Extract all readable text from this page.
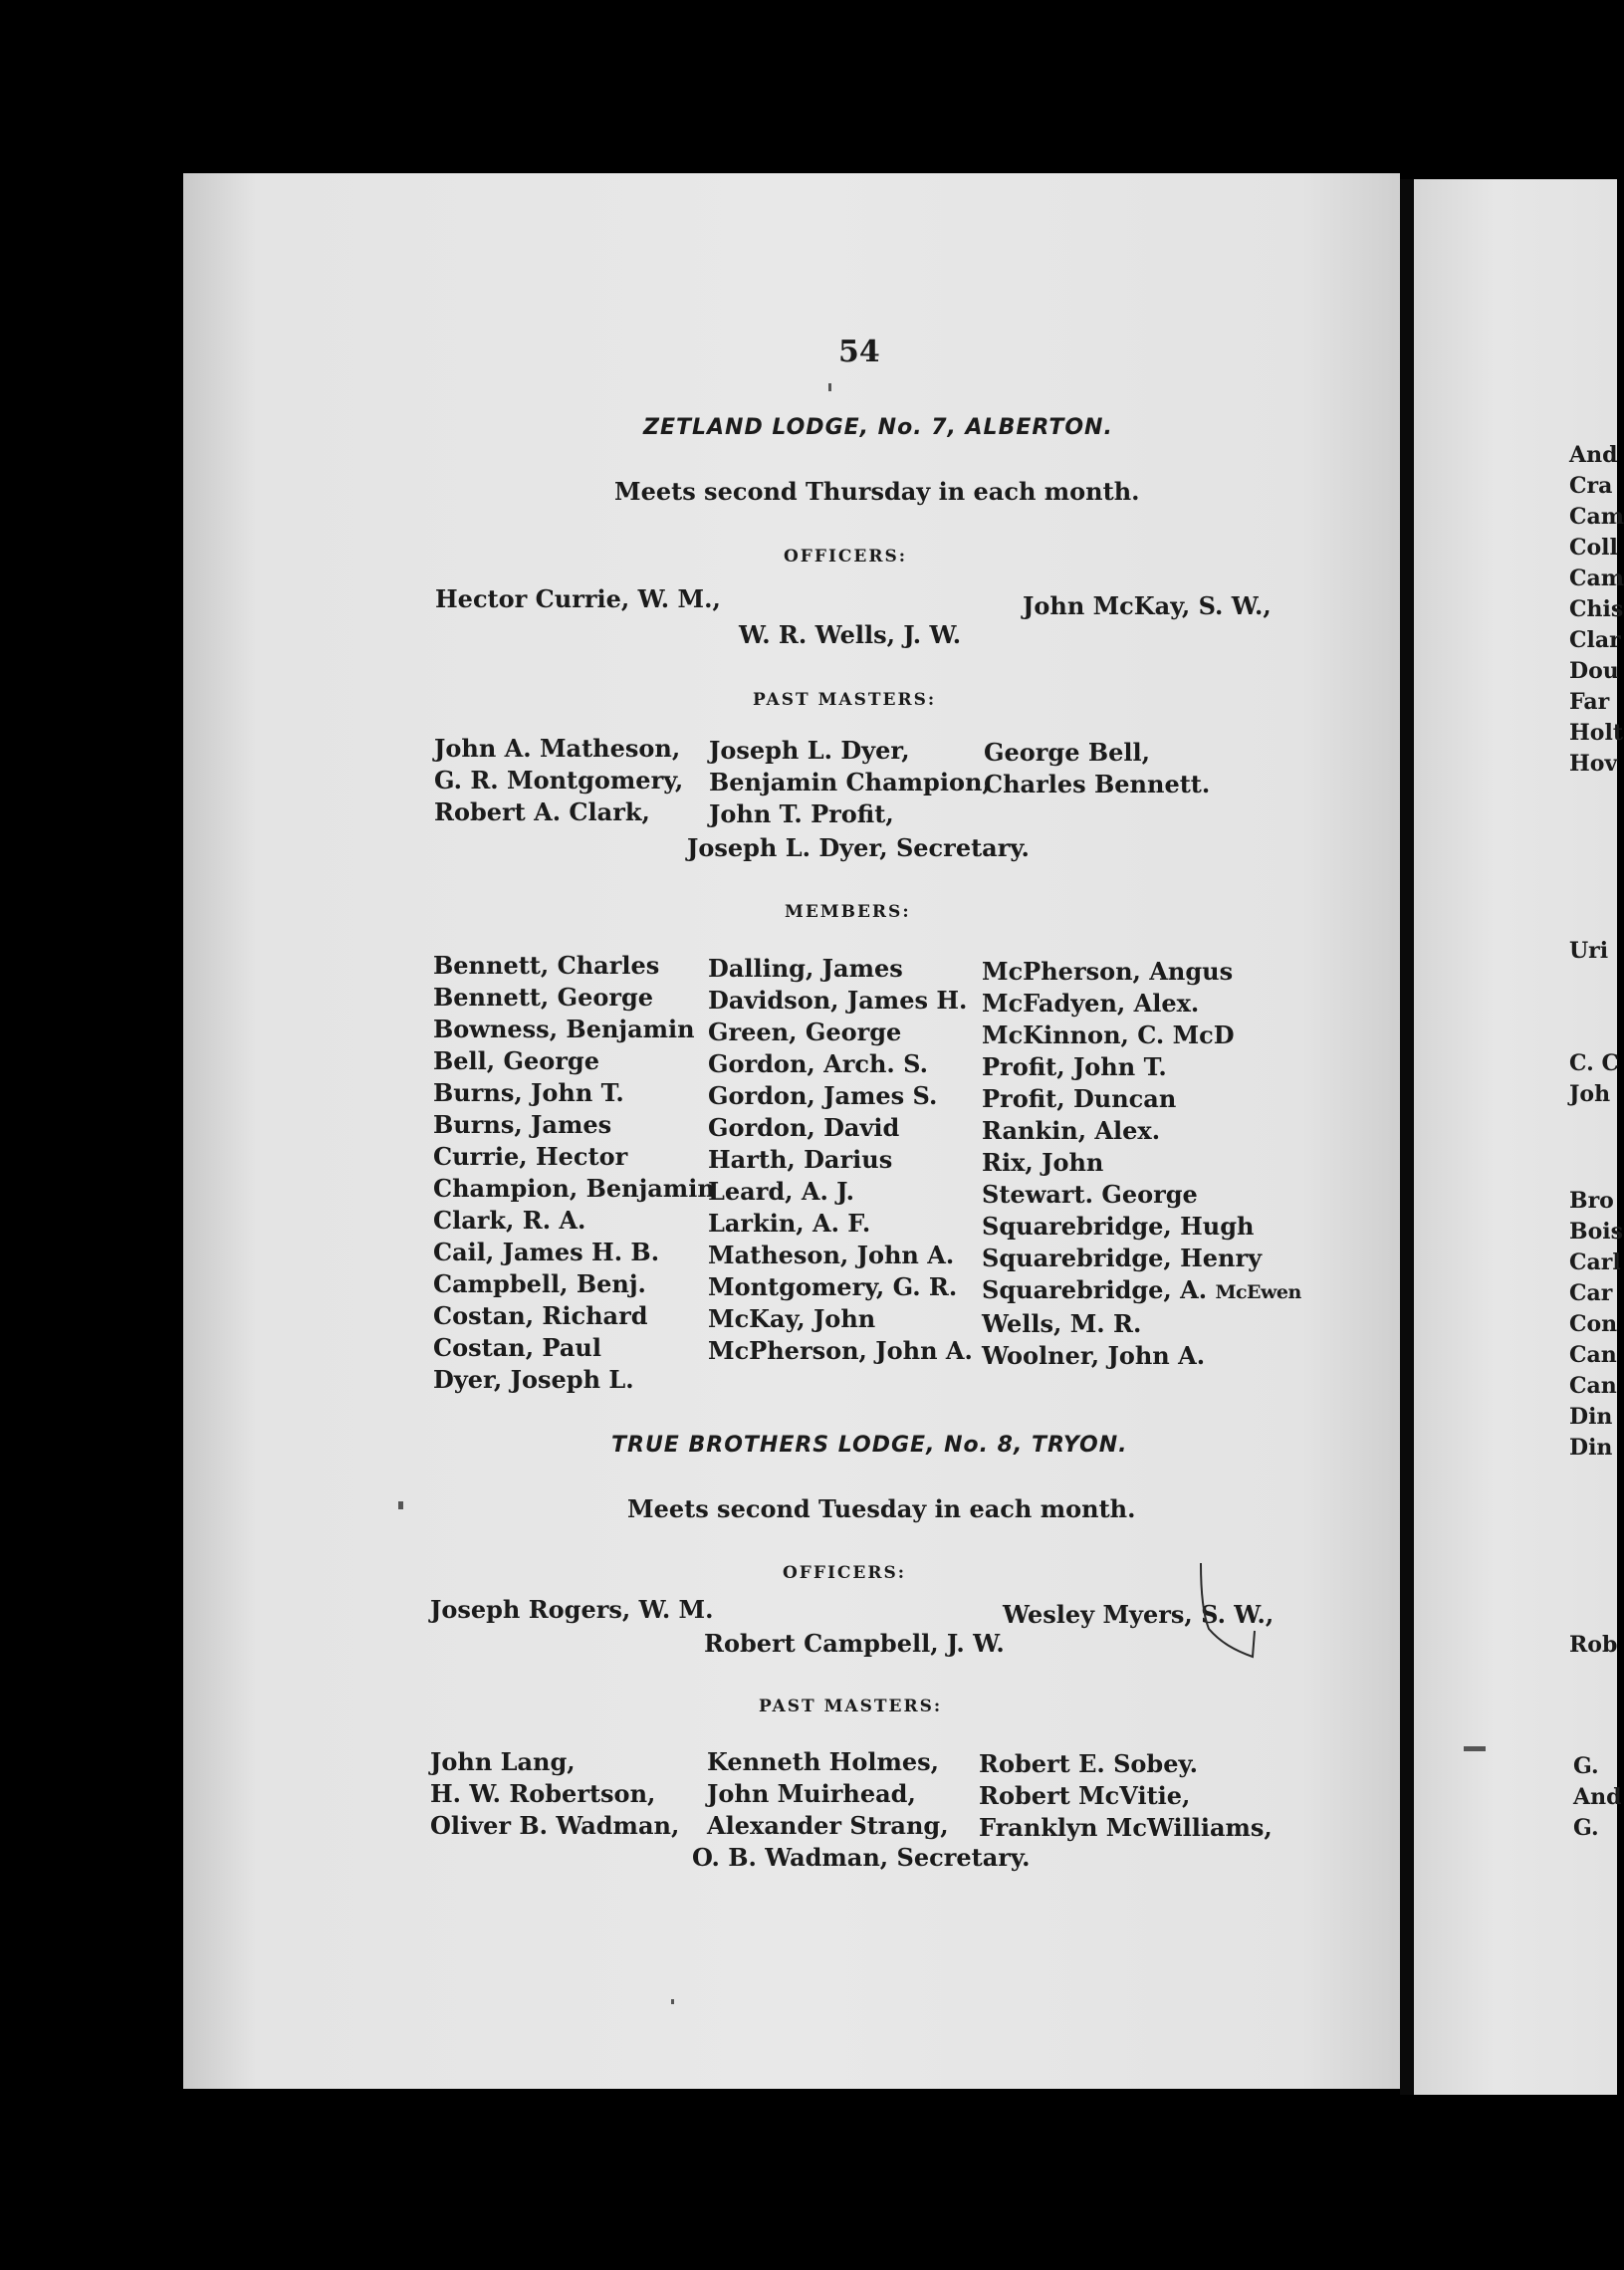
54
ZETLAND LODGE, No. 7, ALBERTON.
Meets second Thursday in each month.
OFFICERS:
Hector Currie, W. M.,	John McKay, S. W.,
W. R. Wells, J. W.
PAST MASTERS:
John A. Matheson,
G. R. Montgomery,
Robert A. Clark,
Joseph L. Dyer,
Benjamin Champion,
John T. Profit,
George Bell,
Charles Bennett.
Joseph L. Dyer, Secretary.
MEMBERS:
Bennett, Charles
Bennett, George
Bowness, Benjamin
Bell, George
Burns, John T.
Burns, James
Currie, Hector
Champion, Benjamin
Clark, R. A.
Cail, James H. B.
Campbell, Benj.
Costan, Richard
Costan, Paul
Dyer, Joseph L.
Dalling, James
Davidson, James H.
Green, George
Gordon, Arch. S.
Gordon, James S.
Gordon, David
Harth, Darius
Leard, A. J.
Larkin, A. F.
Matheson, John A.
Montgomery, G. R.
McKay, John
McPherson, John A.
McPherson, Angus
McFadyen, Alex.
McKinnon, C. McD
Profit, John T.
Profit, Duncan
Rankin, Alex.
Rix, John
Stewart. George
Squarebridge, Hugh
Squarebridge, Henry
Squarebridge, A. McEwen
Wells, M. R.
Woolner, John A.
TRUE BROTHERS LODGE, No. 8, TRYON.
Meets second Tuesday in each month.
OFFICERS:
Joseph Rogers, W. M.	Wesley Myers, S. W.,
Robert Campbell, J. W.
PAST MASTERS:
John Lang,
H. W. Robertson,
Oliver B. Wadman,
Kenneth Holmes,
John Muirhead,
Alexander Strang,
Robert E. Sobey.
Robert McVitie,
Franklyn McWilliams,
O. B. Wadman, Secretary.
And
Cra
Cam
Coll
Cam
Chis
Clar
Dou
Far
Holt
Hov
Uri
C. C
Joh
Bro
Bois
Carl
Car
Con
Can
Can
Din
Din
Rob
G.
And
G.
